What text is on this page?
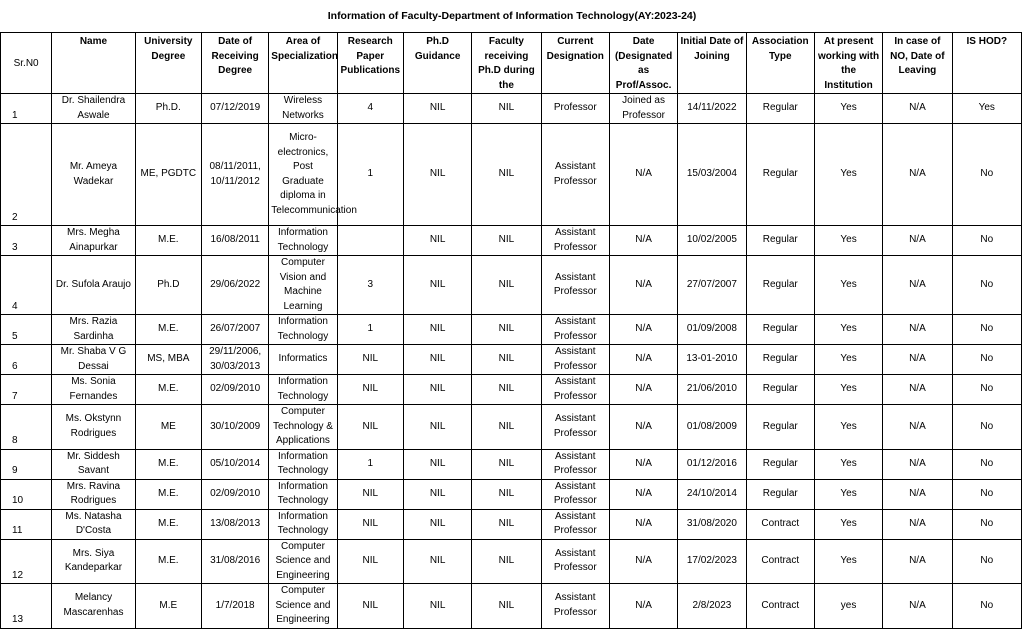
Information of Faculty-Department of Information Technology(AY:2023-24)
Sr.N0	Name	University Degree	Date of Receiving Degree	Area of Specialization	Research Paper Publications	Ph.D Guidance	Faculty receiving Ph.D during the	Current Designation	Date (Designated as Prof/Assoc.	Initial Date of Joining	Association Type	At present working with the Institution	In case of NO, Date of Leaving	IS HOD?
1	Dr. Shailendra Aswale	Ph.D.	07/12/2019	Wireless Networks	4	NIL	NIL	Professor	Joined as Professor	14/11/2022	Regular	Yes	N/A	Yes
2	Mr. Ameya Wadekar	ME, PGDTC	08/11/2011, 10/11/2012	Micro-electronics, Post Graduate diploma in Telecommunication	1	NIL	NIL	Assistant Professor	N/A	15/03/2004	Regular	Yes	N/A	No
3	Mrs. Megha Ainapurkar	M.E.	16/08/2011	Information Technology		NIL	NIL	Assistant Professor	N/A	10/02/2005	Regular	Yes	N/A	No
4	Dr. Sufola Araujo	Ph.D	29/06/2022	Computer Vision and Machine Learning	3	NIL	NIL	Assistant Professor	N/A	27/07/2007	Regular	Yes	N/A	No
5	Mrs. Razia Sardinha	M.E.	26/07/2007	Information Technology	1	NIL	NIL	Assistant Professor	N/A	01/09/2008	Regular	Yes	N/A	No
6	Mr. Shaba V G Dessai	MS, MBA	29/11/2006, 30/03/2013	Informatics	NIL	NIL	NIL	Assistant Professor	N/A	13-01-2010	Regular	Yes	N/A	No
7	Ms. Sonia Fernandes	M.E.	02/09/2010	Information Technology	NIL	NIL	NIL	Assistant Professor	N/A	21/06/2010	Regular	Yes	N/A	No
8	Ms. Okstynn Rodrigues	ME	30/10/2009	Computer Technology & Applications	NIL	NIL	NIL	Assistant Professor	N/A	01/08/2009	Regular	Yes	N/A	No
9	Mr. Siddesh Savant	M.E.	05/10/2014	Information Technology	1	NIL	NIL	Assistant Professor	N/A	01/12/2016	Regular	Yes	N/A	No
10	Mrs. Ravina Rodrigues	M.E.	02/09/2010	Information Technology	NIL	NIL	NIL	Assistant Professor	N/A	24/10/2014	Regular	Yes	N/A	No
11	Ms. Natasha D'Costa	M.E.	13/08/2013	Information Technology	NIL	NIL	NIL	Assistant Professor	N/A	31/08/2020	Contract	Yes	N/A	No
12	Mrs. Siya Kandeparkar	M.E.	31/08/2016	Computer Science and Engineering	NIL	NIL	NIL	Assistant Professor	N/A	17/02/2023	Contract	Yes	N/A	No
13	Melancy Mascarenhas	M.E	1/7/2018	Computer Science and Engineering	NIL	NIL	NIL	Assistant Professor	N/A	2/8/2023	Contract	yes	N/A	No
